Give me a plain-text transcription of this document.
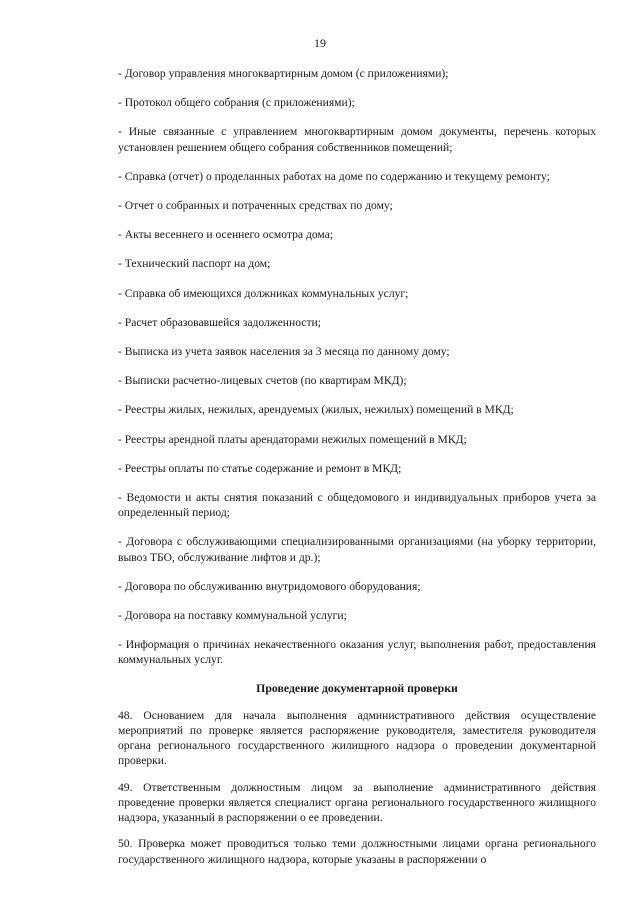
19

- Договор управления многоквартирным домом (с приложениями);

- Протокол общего собрания (с приложениями);

- Иные связанные с управлением многоквартирным домом документы, перечень которых установлен решением общего собрания собственников помещений;

- Справка (отчет) о проделанных работах на доме по содержанию и текущему ремонту;

- Отчет о собранных и потраченных средствах по дому;

- Акты весеннего и осеннего осмотра дома;

- Технический паспорт на дом;

- Справка об имеющихся должниках коммунальных услуг;

- Расчет образовавшейся задолженности;

- Выписка из учета заявок населения за 3 месяца по данному дому;

- Выписки расчетно-лицевых счетов (по квартирам МКД);

- Реестры жилых, нежилых, арендуемых (жилых, нежилых) помещений в МКД;

- Реестры арендной платы арендаторами нежилых помещений в МКД;

- Реестры оплаты по статье содержание и ремонт в МКД;

- Ведомости и акты снятия показаний с общедомового и индивидуальных приборов учета за определенный период;

- Договора с обслуживающими специализированными организациями (на уборку территории, вывоз ТБО, обслуживание лифтов и др.);

- Договора по обслуживанию внутридомового оборудования;

- Договора на поставку коммунальной услуги;

- Информация о причинах некачественного оказания услуг, выполнения работ, предоставления коммунальных услуг.

Проведение документарной проверки

48. Основанием для начала выполнения административного действия осуществление мероприятий по проверке является распоряжение руководителя, заместителя руководителя органа регионального государственного жилищного надзора о проведении документарной проверки.

49. Ответственным должностным лицом за выполнение административного действия проведение проверки является специалист органа регионального государственного жилищного надзора, указанный в распоряжении о ее проведении.

50. Проверка может проводиться только теми должностными лицами органа регионального государственного жилищного надзора, которые указаны в распоряжении о
